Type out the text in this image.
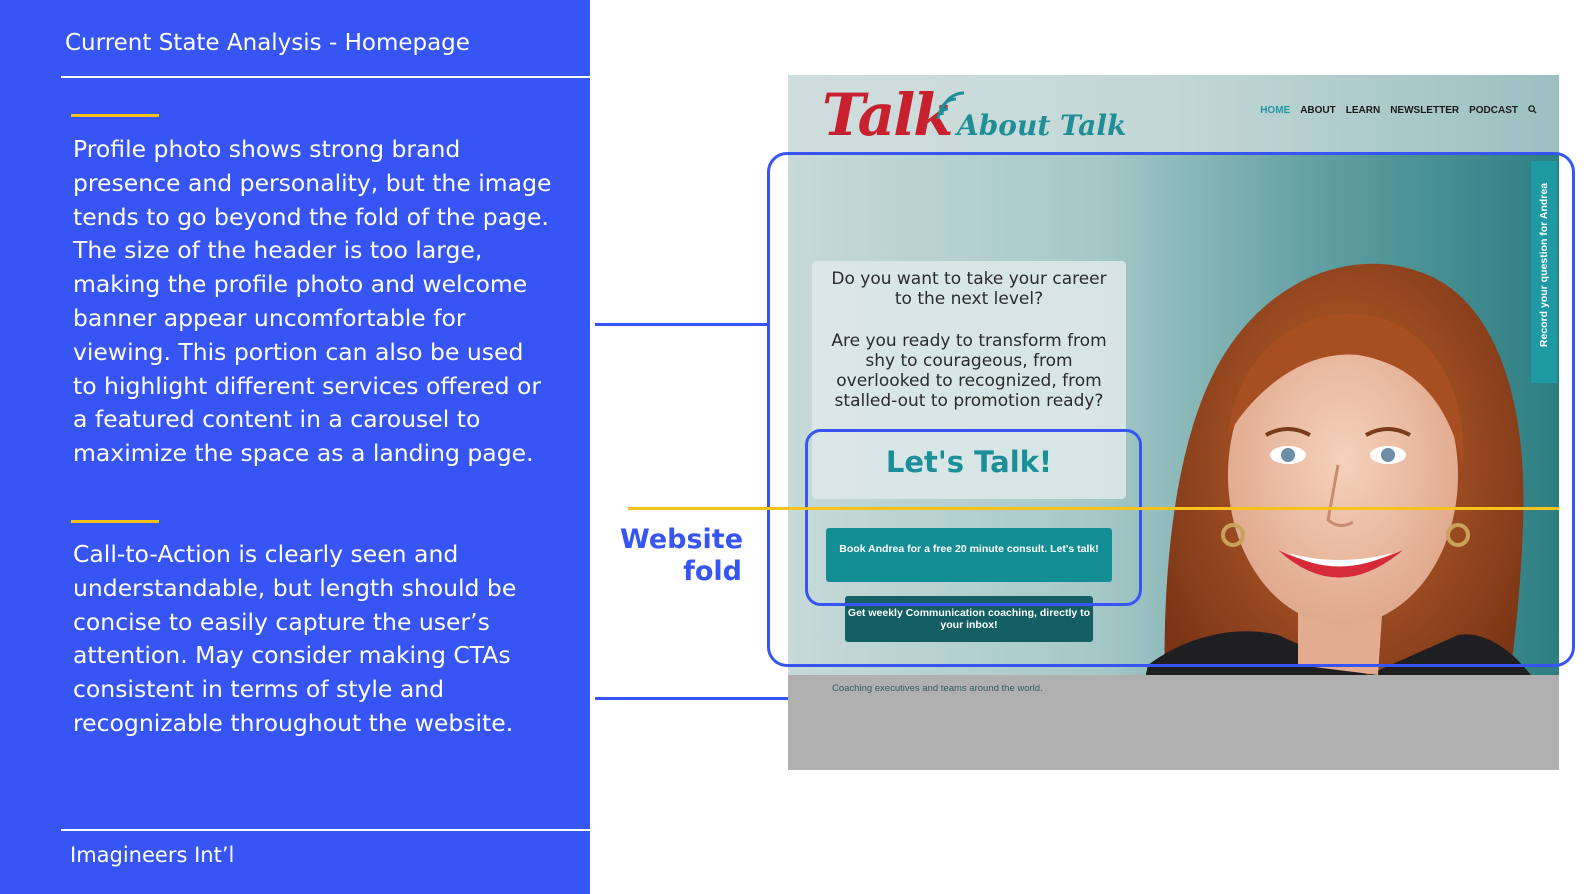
Current State Analysis - Homepage
Profile photo shows strong brand presence and personality, but the image tends to go beyond the fold of the page. The size of the header is too large, making the profile photo and welcome banner appear uncomfortable for viewing. This portion can also be used to highlight different services offered or a featured content in a carousel to maximize the space as a landing page.
Call-to-Action is clearly seen and understandable, but length should be concise to easily capture the user’s attention. May consider making CTAs consistent in terms of style and recognizable throughout the website.
Imagineers Int’l
Website
fold
Talk About Talk	HOME ABOUT LEARN NEWSLETTER PODCAST
Do you want to take your career to the next level?
Are you ready to transform from shy to courageous, from overlooked to recognized, from stalled-out to promotion ready?
Let's Talk!
Book Andrea for a free 20 minute consult. Let's talk!
Get weekly Communication coaching, directly to your inbox!
Record your question for Andrea
Coaching executives and teams around the world.
